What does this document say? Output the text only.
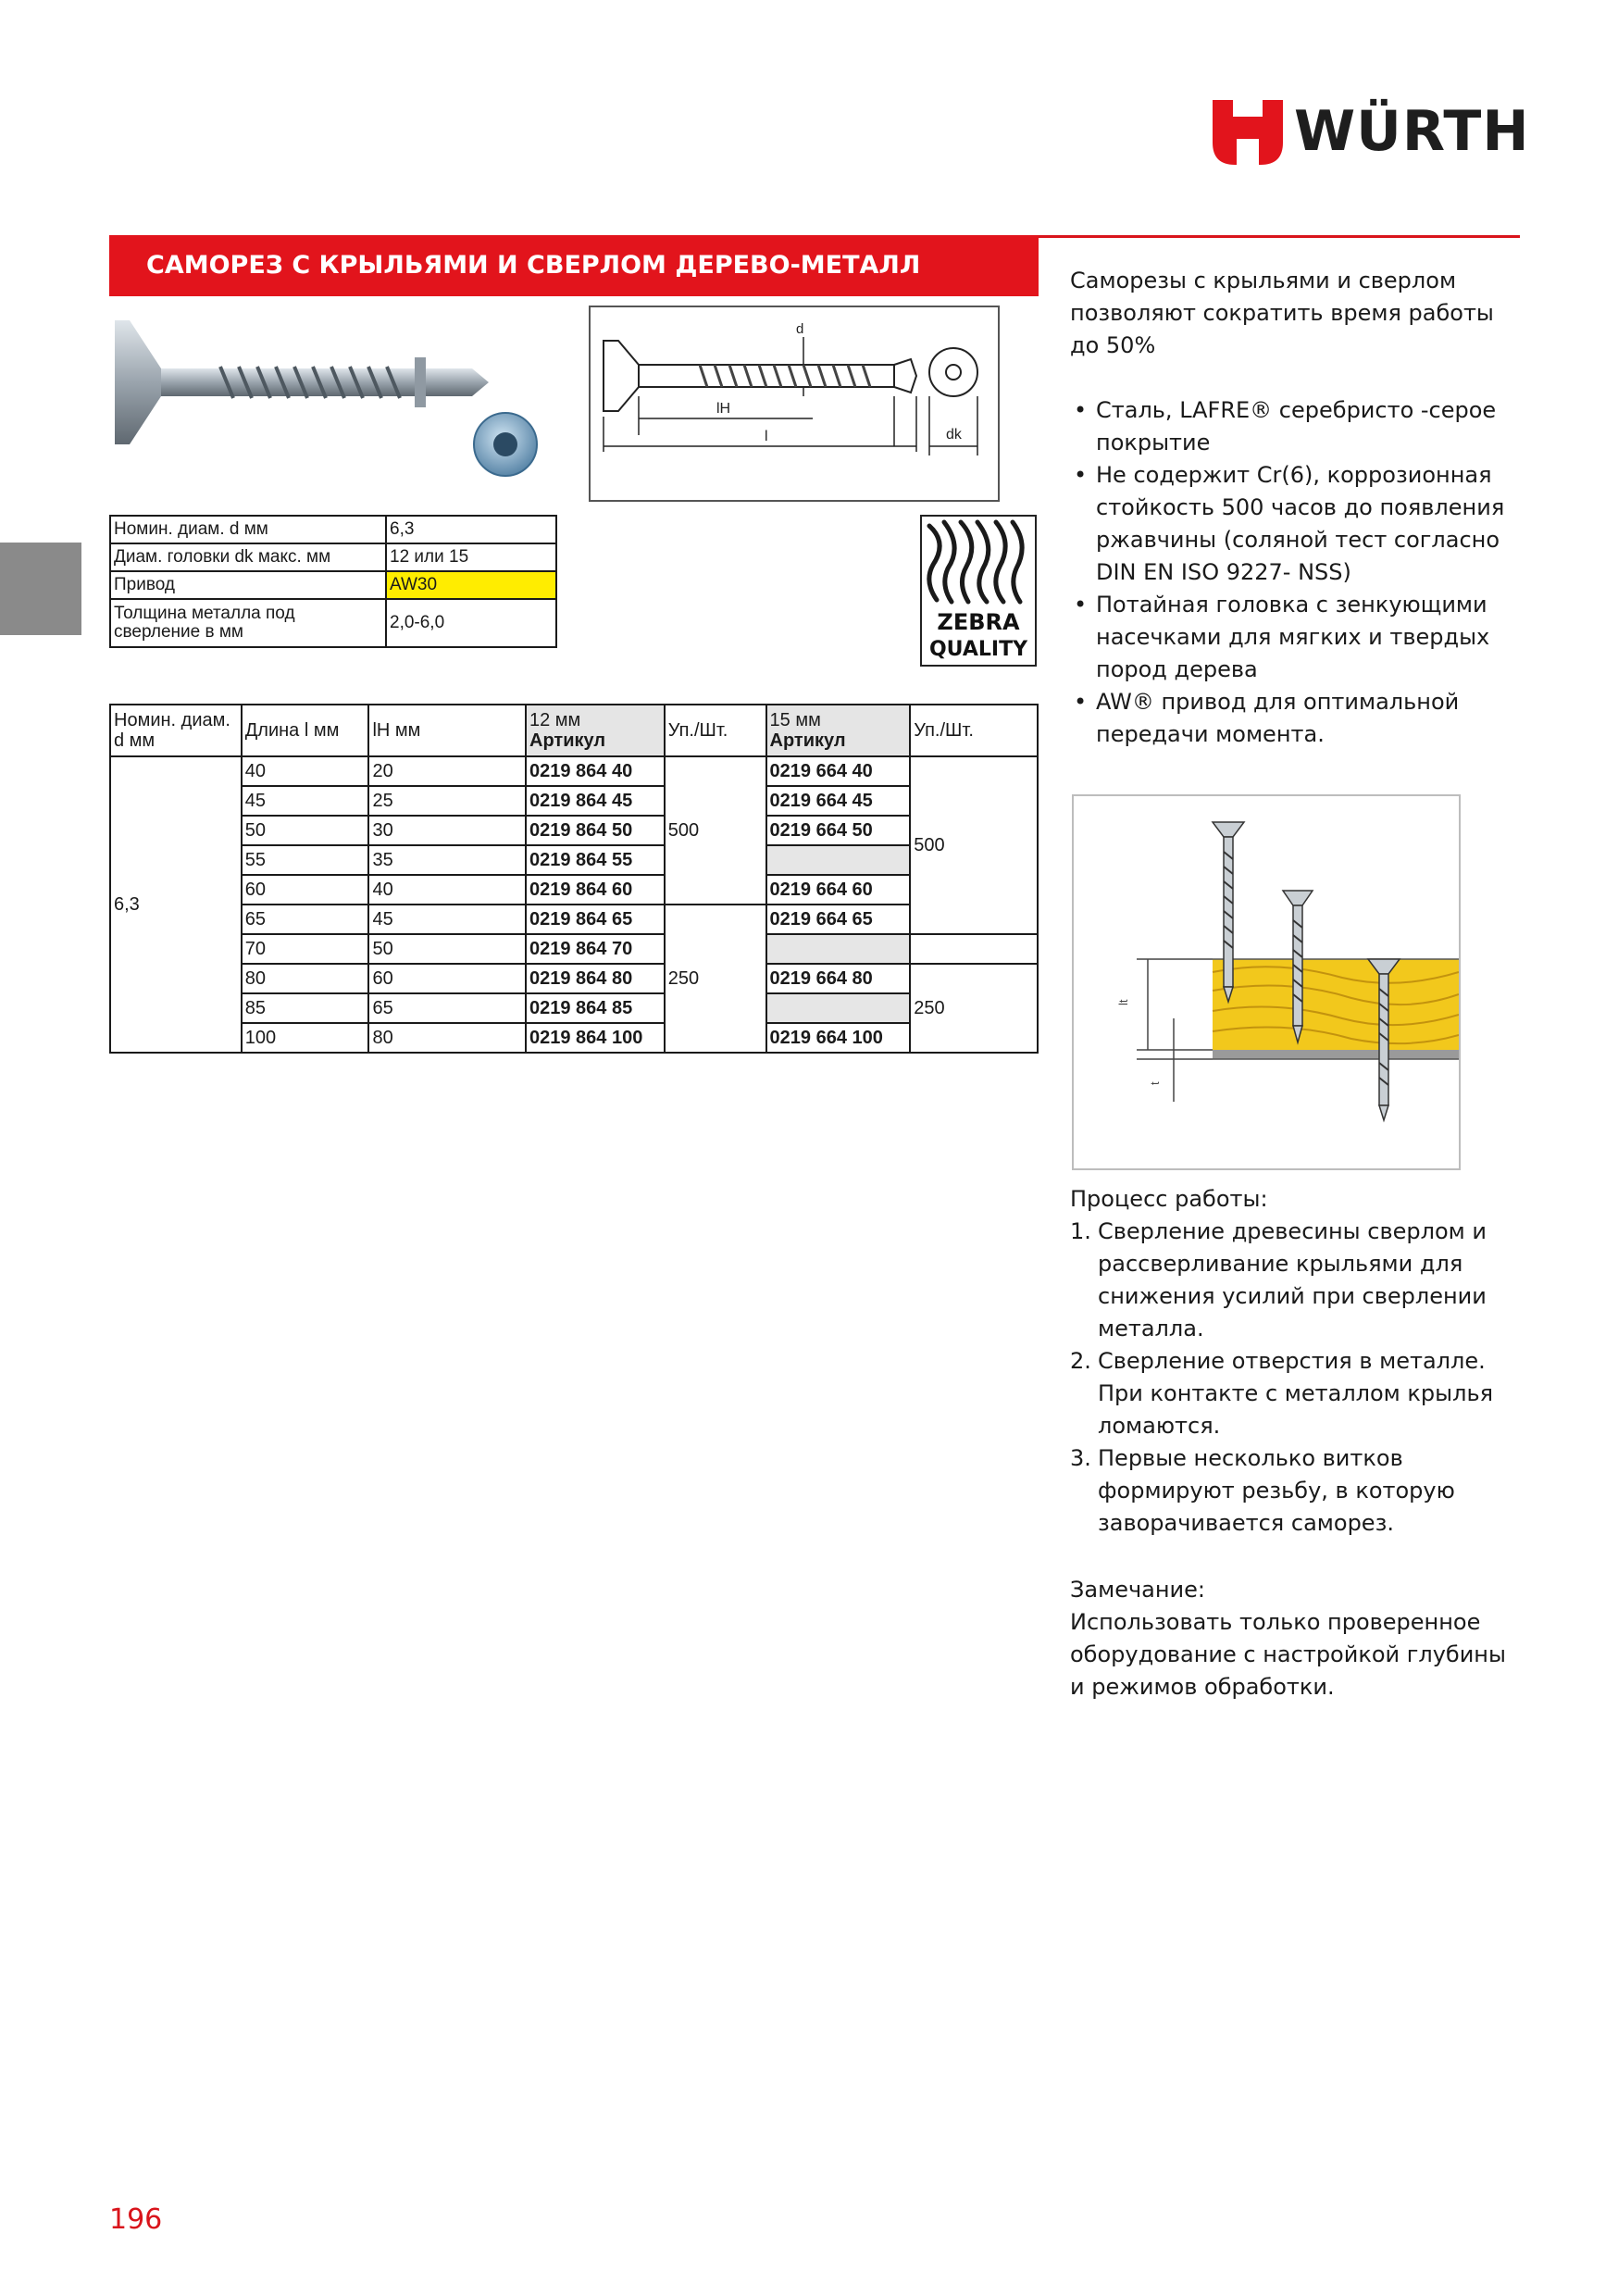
WÜRTH
САМОРЕЗ С КРЫЛЬЯМИ И СВЕРЛОМ ДЕРЕВО-МЕТАЛЛ
d
lH
l	dk
ZEBRA
QUALITY
Номин. диам. d мм	6,3
Диам. головки dk макс. мм	12 или 15
Привод	AW30
Толщина металла под сверление в мм	2,0-6,0
Номин. диам. d мм	Длина l мм	lH мм	12 мм
Артикул	Уп./Шт.	15 мм
Артикул	Уп./Шт.
6,3	40	20	0219 864 40	500	0219 664 40	500
	45	25	0219 864 45		0219 664 45	
	50	30	0219 864 50		0219 664 50	
	55	35	0219 864 55			
	60	40	0219 864 60		0219 664 60	
	65	45	0219 864 65	250	0219 664 65	
	70	50	0219 864 70			
	80	60	0219 864 80		0219 664 80	250
	85	65	0219 864 85			
	100	80	0219 864 100		0219 664 100	
Саморезы с крыльями и сверлом позволяют сократить время работы до 50%
• Сталь, LAFRE® серебристо -серое покрытие
• Не содержит Cr(6), коррозионная стойкость 500 часов до появления ржавчины (соляной тест согласно DIN EN ISO 9227- NSS)
• Потайная головка с зенкующими насечками для мягких и твердых пород дерева
• AW® привод для оптимальной передачи момента.
lt
t

Процесс работы:

1. Сверление древесины сверлом и рассверливание крыльями для снижения усилий при сверлении металла.
2. Сверление отверстия в металле. При контакте с металлом крылья ломаются.
3. Первые несколько витков формируют резьбу, в которую заворачивается саморез.

Замечание:

Использовать только проверенное оборудование с настройкой глубины и режимов обработки.

196
